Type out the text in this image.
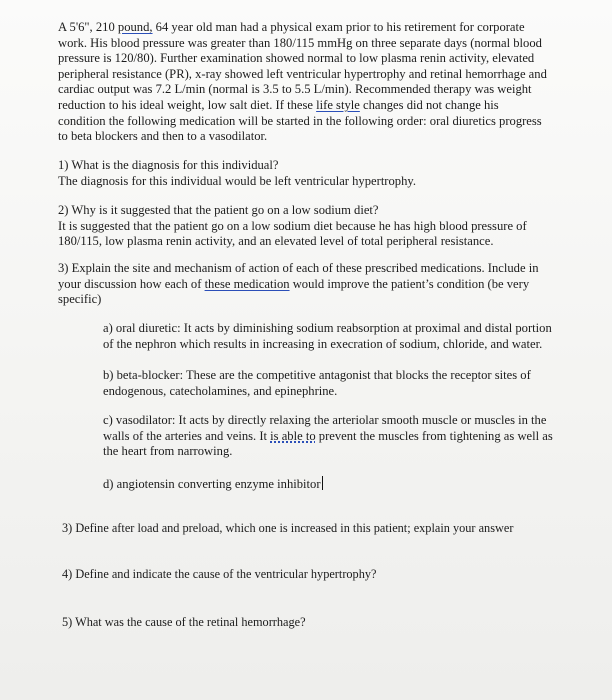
A 5'6", 210 pound, 64 year old man had a physical exam prior to his retirement for corporate
work. His blood pressure was greater than 180/115 mmHg on three separate days (normal blood
pressure is 120/80). Further examination showed normal to low plasma renin activity, elevated
peripheral resistance (PR), x-ray showed left ventricular hypertrophy and retinal hemorrhage and
cardiac output was 7.2 L/min (normal is 3.5 to 5.5 L/min). Recommended therapy was weight
reduction to his ideal weight, low salt diet. If these life style changes did not change his
condition the following medication will be started in the following order: oral diuretics progress
to beta blockers and then to a vasodilator.
1) What is the diagnosis for this individual?
The diagnosis for this individual would be left ventricular hypertrophy.
2) Why is it suggested that the patient go on a low sodium diet?
It is suggested that the patient go on a low sodium diet because he has high blood pressure of
180/115, low plasma renin activity, and an elevated level of total peripheral resistance.
3) Explain the site and mechanism of action of each of these prescribed medications. Include in
your discussion how each of these medication would improve the patient’s condition (be very
specific)
a) oral diuretic: It acts by diminishing sodium reabsorption at proximal and distal portion
of the nephron which results in increasing in execration of sodium, chloride, and water.
b) beta-blocker: These are the competitive antagonist that blocks the receptor sites of
endogenous, catecholamines, and epinephrine.
c) vasodilator: It acts by directly relaxing the arteriolar smooth muscle or muscles in the
walls of the arteries and veins. It is able to prevent the muscles from tightening as well as
the heart from narrowing.
d) angiotensin converting enzyme inhibitor
3) Define after load and preload, which one is increased in this patient; explain your answer
4) Define and indicate the cause of the ventricular hypertrophy?
5) What was the cause of the retinal hemorrhage?
